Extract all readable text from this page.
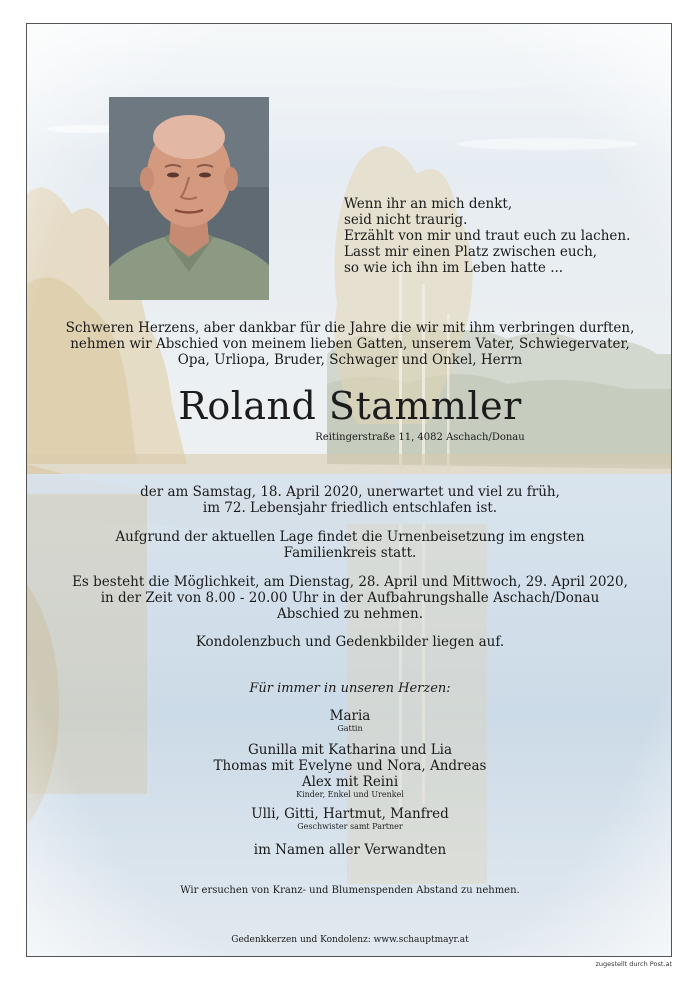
Wenn ihr an mich denkt,
seid nicht traurig.
Erzählt von mir und traut euch zu lachen.
Lasst mir einen Platz zwischen euch,
so wie ich ihn im Leben hatte ...
Schweren Herzens, aber dankbar für die Jahre die wir mit ihm verbringen durften,
nehmen wir Abschied von meinem lieben Gatten, unserem Vater, Schwiegervater,
Opa, Urliopa, Bruder, Schwager und Onkel, Herrn
Roland Stammler
Reitingerstraße 11, 4082 Aschach/Donau
der am Samstag, 18. April 2020, unerwartet und viel zu früh,
im 72. Lebensjahr friedlich entschlafen ist.
Aufgrund der aktuellen Lage findet die Urnenbeisetzung im engsten
Familienkreis statt.
Es besteht die Möglichkeit, am Dienstag, 28. April und Mittwoch, 29. April 2020,
in der Zeit von 8.00 - 20.00 Uhr in der Aufbahrungshalle Aschach/Donau
Abschied zu nehmen.
Kondolenzbuch und Gedenkbilder liegen auf.
Für immer in unseren Herzen:
Maria
Gattin
Gunilla mit Katharina und Lia
Thomas mit Evelyne und Nora, Andreas
Alex mit Reini
Kinder, Enkel und Urenkel
Ulli, Gitti, Hartmut, Manfred
Geschwister samt Partner
im Namen aller Verwandten
Wir ersuchen von Kranz- und Blumenspenden Abstand zu nehmen.
Gedenkkerzen und Kondolenz: www.schauptmayr.at
zugestellt durch Post.at
